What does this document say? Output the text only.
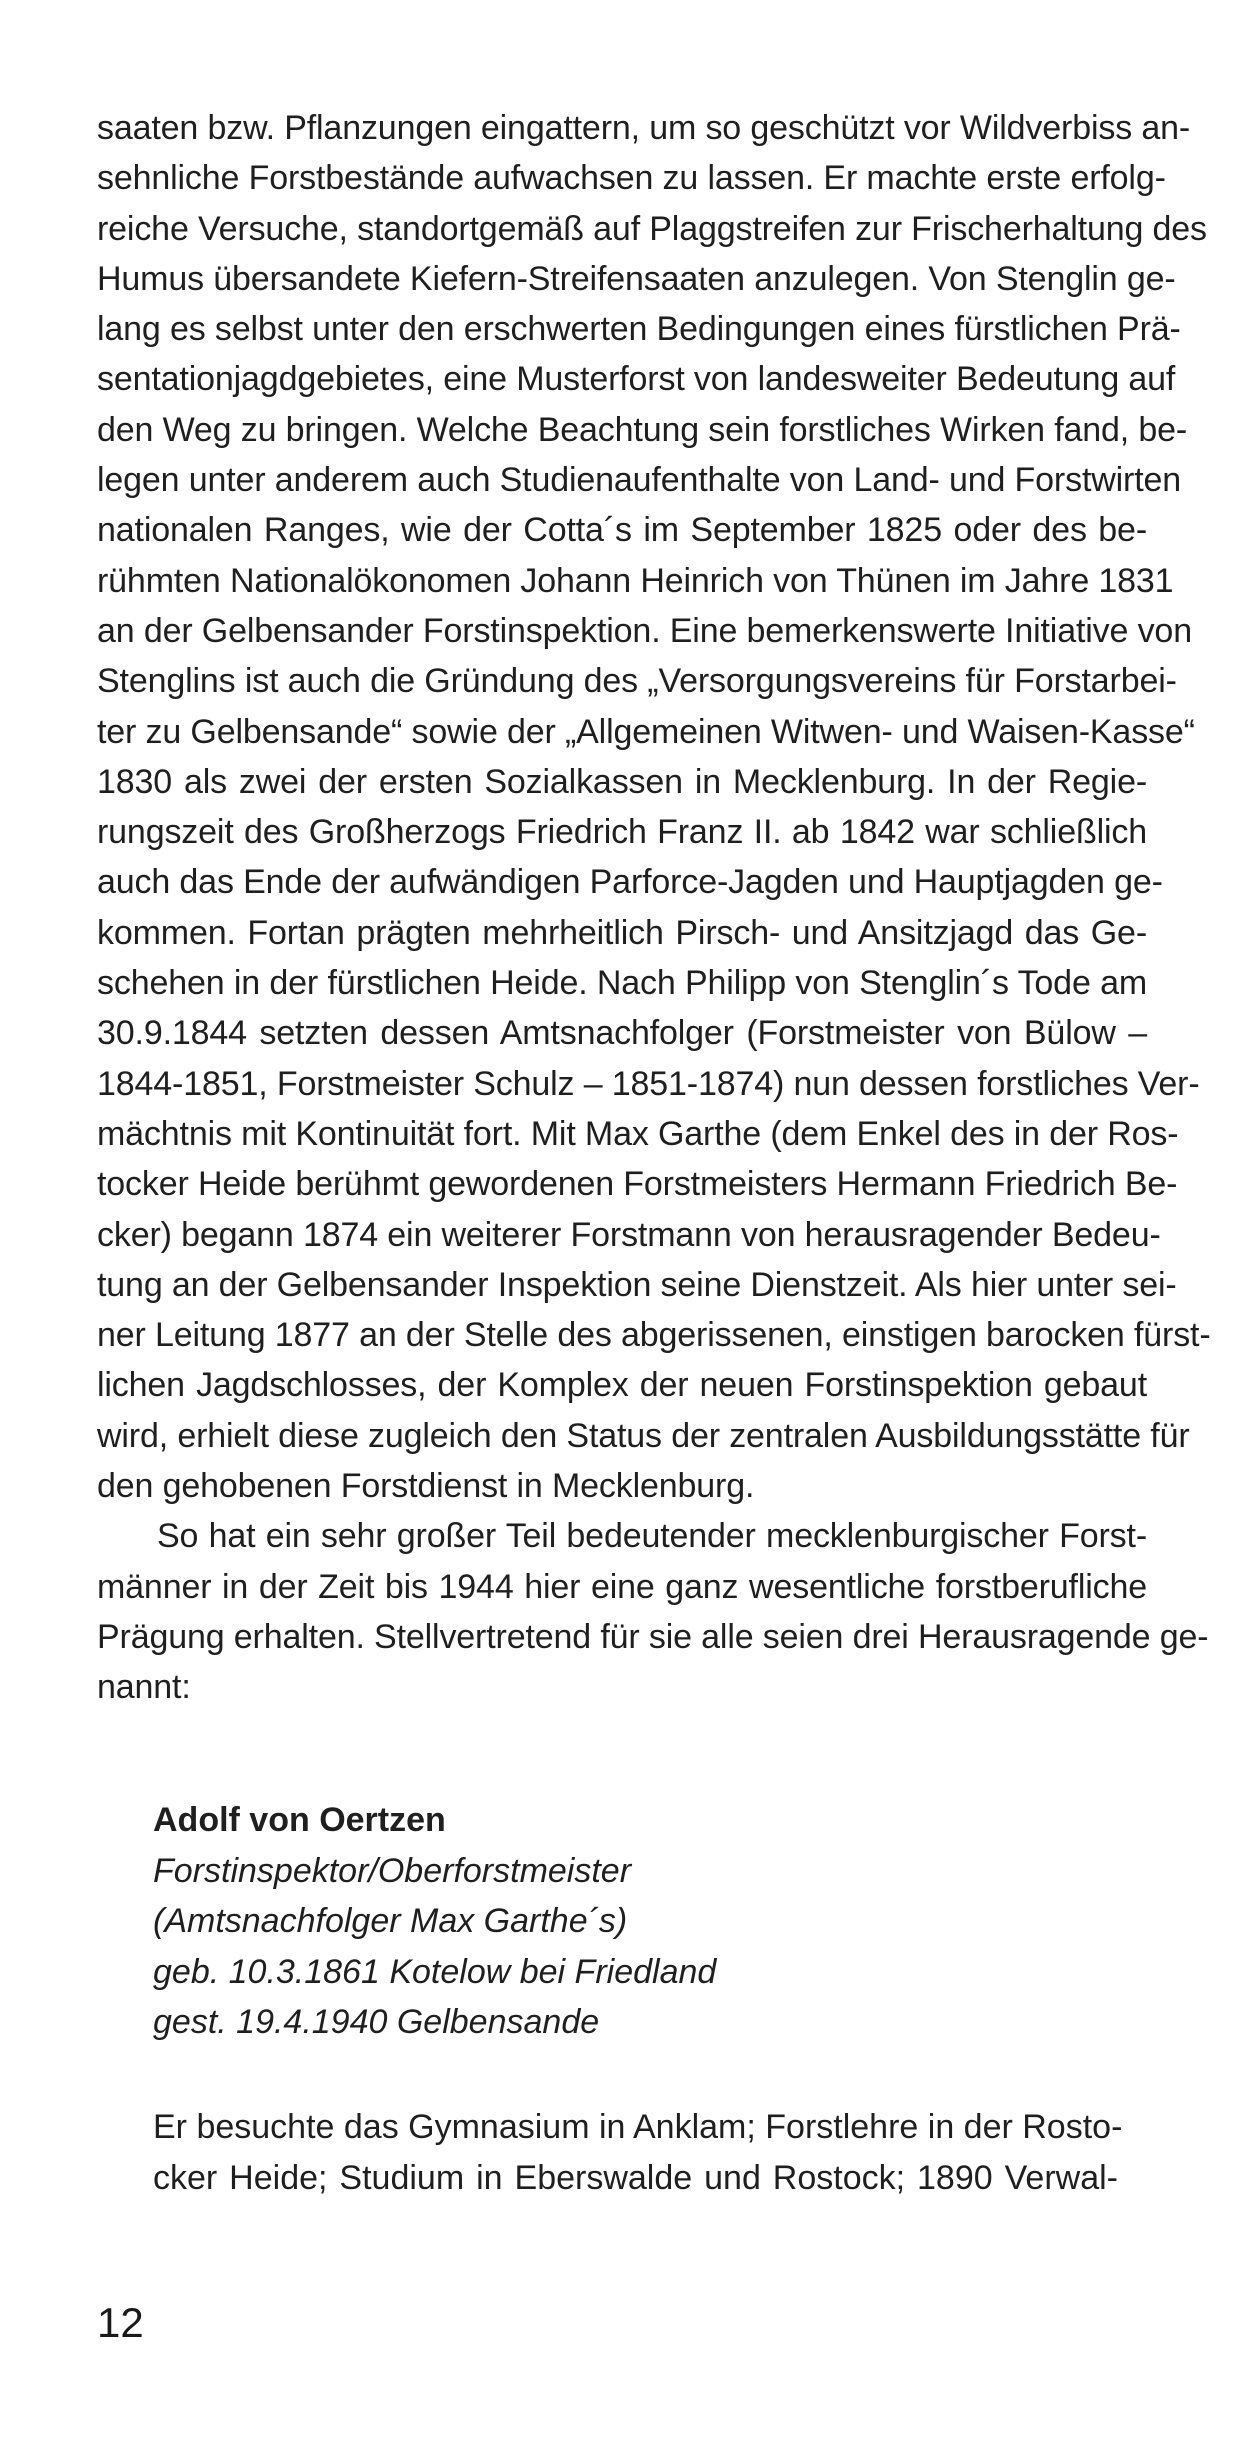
saaten bzw. Pflanzungen eingattern, um so geschützt vor Wildverbiss an-
sehnliche Forstbestände aufwachsen zu lassen. Er machte erste erfolg-
reiche Versuche, standortgemäß auf Plaggstreifen zur Frischerhaltung des
Humus übersandete Kiefern-Streifensaaten anzulegen. Von Stenglin ge-
lang es selbst unter den erschwerten Bedingungen eines fürstlichen Prä-
sentationjagdgebietes, eine Musterforst von landesweiter Bedeutung auf
den Weg zu bringen. Welche Beachtung sein forstliches Wirken fand, be-
legen unter anderem auch Studienaufenthalte von Land- und Forstwirten
nationalen Ranges, wie der Cotta´s im September 1825 oder des be-
rühmten Nationalökonomen Johann Heinrich von Thünen im Jahre 1831
an der Gelbensander Forstinspektion. Eine bemerkenswerte Initiative von
Stenglins ist auch die Gründung des „Versorgungsvereins für Forstarbei-
ter zu Gelbensande“ sowie der „Allgemeinen Witwen- und Waisen-Kasse“
1830 als zwei der ersten Sozialkassen in Mecklenburg. In der Regie-
rungszeit des Großherzogs Friedrich Franz II. ab 1842 war schließlich
auch das Ende der aufwändigen Parforce-Jagden und Hauptjagden ge-
kommen. Fortan prägten mehrheitlich Pirsch- und Ansitzjagd das Ge-
schehen in der fürstlichen Heide. Nach Philipp von Stenglin´s Tode am
30.9.1844 setzten dessen Amtsnachfolger (Forstmeister von Bülow –
1844-1851, Forstmeister Schulz – 1851-1874) nun dessen forstliches Ver-
mächtnis mit Kontinuität fort. Mit Max Garthe (dem Enkel des in der Ros-
tocker Heide berühmt gewordenen Forstmeisters Hermann Friedrich Be-
cker) begann 1874 ein weiterer Forstmann von herausragender Bedeu-
tung an der Gelbensander Inspektion seine Dienstzeit. Als hier unter sei-
ner Leitung 1877 an der Stelle des abgerissenen, einstigen barocken fürst-
lichen Jagdschlosses, der Komplex der neuen Forstinspektion gebaut
wird, erhielt diese zugleich den Status der zentralen Ausbildungsstätte für
den gehobenen Forstdienst in Mecklenburg.
So hat ein sehr großer Teil bedeutender mecklenburgischer Forst-
männer in der Zeit bis 1944 hier eine ganz wesentliche forstberufliche
Prägung erhalten. Stellvertretend für sie alle seien drei Herausragende ge-
nannt:
Adolf von Oertzen
Forstinspektor/Oberforstmeister
(Amtsnachfolger Max Garthe´s)
geb. 10.3.1861 Kotelow bei Friedland
gest. 19.4.1940 Gelbensande
Er besuchte das Gymnasium in Anklam; Forstlehre in der Rosto-
cker Heide; Studium in Eberswalde und Rostock; 1890 Verwal-
12
